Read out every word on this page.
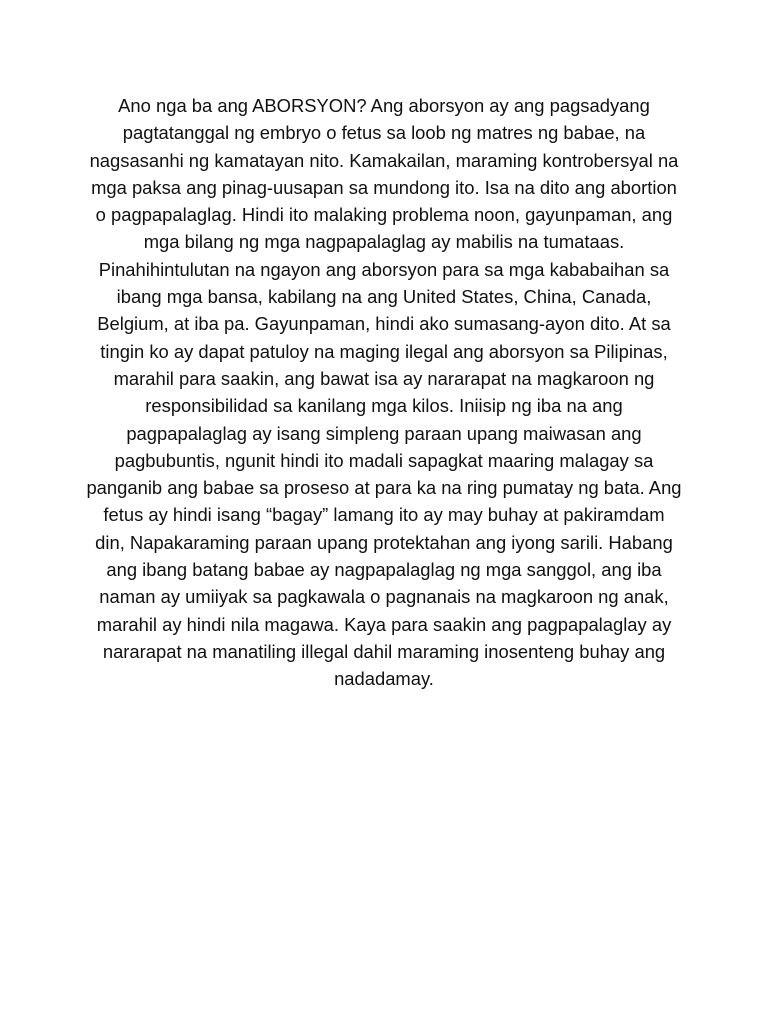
Ano nga ba ang ABORSYON? Ang aborsyon ay ang pagsadyang
pagtatanggal ng embryo o fetus sa loob ng matres ng babae, na
nagsasanhi ng kamatayan nito. Kamakailan, maraming kontrobersyal na
mga paksa ang pinag-uusapan sa mundong ito. Isa na dito ang abortion
o pagpapalaglag. Hindi ito malaking problema noon, gayunpaman, ang
mga bilang ng mga nagpapalaglag ay mabilis na tumataas.
Pinahihintulutan na ngayon ang aborsyon para sa mga kababaihan sa
ibang mga bansa, kabilang na ang United States, China, Canada,
Belgium, at iba pa. Gayunpaman, hindi ako sumasang-ayon dito. At sa
tingin ko ay dapat patuloy na maging ilegal ang aborsyon sa Pilipinas,
marahil para saakin, ang bawat isa ay nararapat na magkaroon ng
responsibilidad sa kanilang mga kilos. Iniisip ng iba na ang
pagpapalaglag ay isang simpleng paraan upang maiwasan ang
pagbubuntis, ngunit hindi ito madali sapagkat maaring malagay sa
panganib ang babae sa proseso at para ka na ring pumatay ng bata. Ang
fetus ay hindi isang “bagay” lamang ito ay may buhay at pakiramdam
din, Napakaraming paraan upang protektahan ang iyong sarili. Habang
ang ibang batang babae ay nagpapalaglag ng mga sanggol, ang iba
naman ay umiiyak sa pagkawala o pagnanais na magkaroon ng anak,
marahil ay hindi nila magawa. Kaya para saakin ang pagpapalaglay ay
nararapat na manatiling illegal dahil maraming inosenteng buhay ang
nadadamay.
